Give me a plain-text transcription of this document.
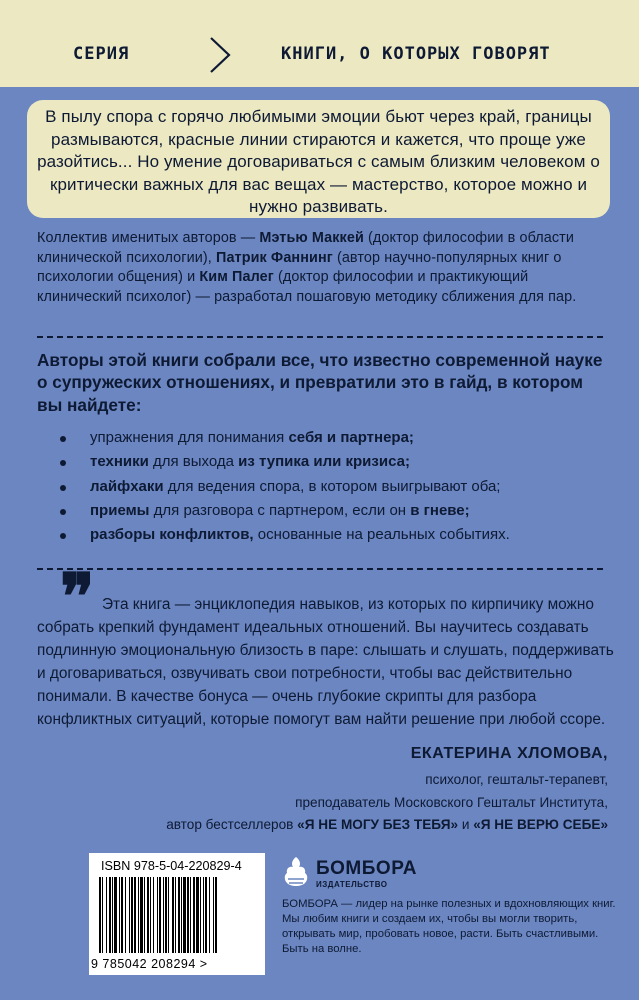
СЕРИЯ	КНИГИ, О КОТОРЫХ ГОВОРЯТ

В пылу спора с горячо любимыми эмоции бьют через край, границы размываются, красные линии стираются и кажется, что проще уже разойтись... Но умение договариваться с самым близким человеком о критически важных для вас вещах — мастерство, которое можно и нужно развивать.

Коллектив именитых авторов — Мэтью Маккей (доктор философии в области клинической психологии), Патрик Фаннинг (автор научно-популярных книг о психологии общения) и Ким Палег (доктор философии и практикующий клинический психолог) — разработал пошаговую методику сближения для пар.

Авторы этой книги собрали все, что известно современной науке о супружеских отношениях, и превратили это в гайд, в котором вы найдете:

упражнения для понимания себя и партнера;
техники для выхода из тупика или кризиса;
лайфхаки для ведения спора, в котором выигрывают оба;
приемы для разговора с партнером, если он в гневе;
разборы конфликтов, основанные на реальных событиях.
❞ Эта книга — энциклопедия навыков, из которых по кирпичику можно собрать крепкий фундамент идеальных отношений. Вы научитесь создавать подлинную эмоциональную близость в паре: слышать и слушать, поддерживать и договариваться, озвучивать свои потребности, чтобы вас действительно понимали. В качестве бонуса — очень глубокие скрипты для разбора конфликтных ситуаций, которые помогут вам найти решение при любой ссоре.

ЕКАТЕРИНА ХЛОМОВА,
психолог, гештальт-терапевт,
преподаватель Московского Гештальт Института,
автор бестселлеров «Я НЕ МОГУ БЕЗ ТЕБЯ» и «Я НЕ ВЕРЮ СЕБЕ»
ISBN 978-5-04-220829-4
9 785042 208294 >
БОМБОРА
ИЗДАТЕЛЬСТВО

БОМБОРА — лидер на рынке полезных и вдохновляющих книг. Мы любим книги и создаем их, чтобы вы могли творить, открывать мир, пробовать новое, расти. Быть счастливыми. Быть на волне.
